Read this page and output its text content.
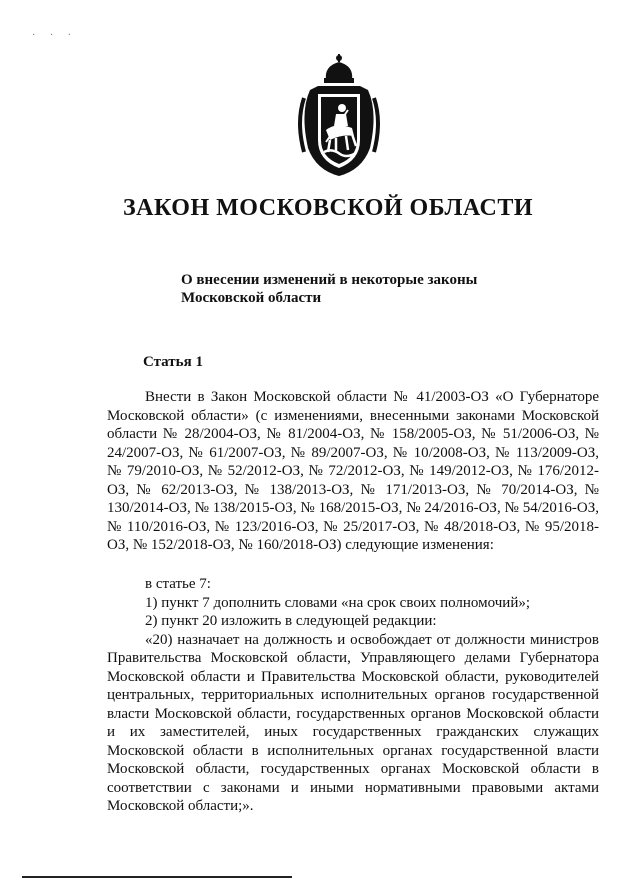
· · ·
ЗАКОН МОСКОВСКОЙ ОБЛАСТИ
О внесении изменений в некоторые законы
Московской области
Статья 1

Внести в Закон Московской области № 41/2003-ОЗ «О Губернаторе Московской области» (с изменениями, внесенными законами Московской области № 28/2004-ОЗ, № 81/2004-ОЗ, № 158/2005-ОЗ, № 51/2006-ОЗ, № 24/2007-ОЗ, № 61/2007-ОЗ, № 89/2007-ОЗ, № 10/2008-ОЗ, № 113/2009-ОЗ, № 79/2010-ОЗ, № 52/2012-ОЗ, № 72/2012-ОЗ, № 149/2012-ОЗ, № 176/2012-ОЗ, № 62/2013-ОЗ, № 138/2013-ОЗ, № 171/2013-ОЗ, № 70/2014-ОЗ, № 130/2014-ОЗ, № 138/2015-ОЗ, № 168/2015-ОЗ, № 24/2016-ОЗ, № 54/2016-ОЗ, № 110/2016-ОЗ, № 123/2016-ОЗ, № 25/2017-ОЗ, № 48/2018-ОЗ, № 95/2018-ОЗ, № 152/2018-ОЗ, № 160/2018-ОЗ) следующие изменения:

в статье 7:

1) пункт 7 дополнить словами «на срок своих полномочий»;

2) пункт 20 изложить в следующей редакции:

«20) назначает на должность и освобождает от должности министров Правительства Московской области, Управляющего делами Губернатора Московской области и Правительства Московской области, руководителей центральных, территориальных исполнительных органов государственной власти Московской области, государственных органов Московской области и их заместителей, иных государственных гражданских служащих Московской области в исполнительных органах государственной власти Московской области, государственных органах Московской области в соответствии с законами и иными нормативными правовыми актами Московской области;».
